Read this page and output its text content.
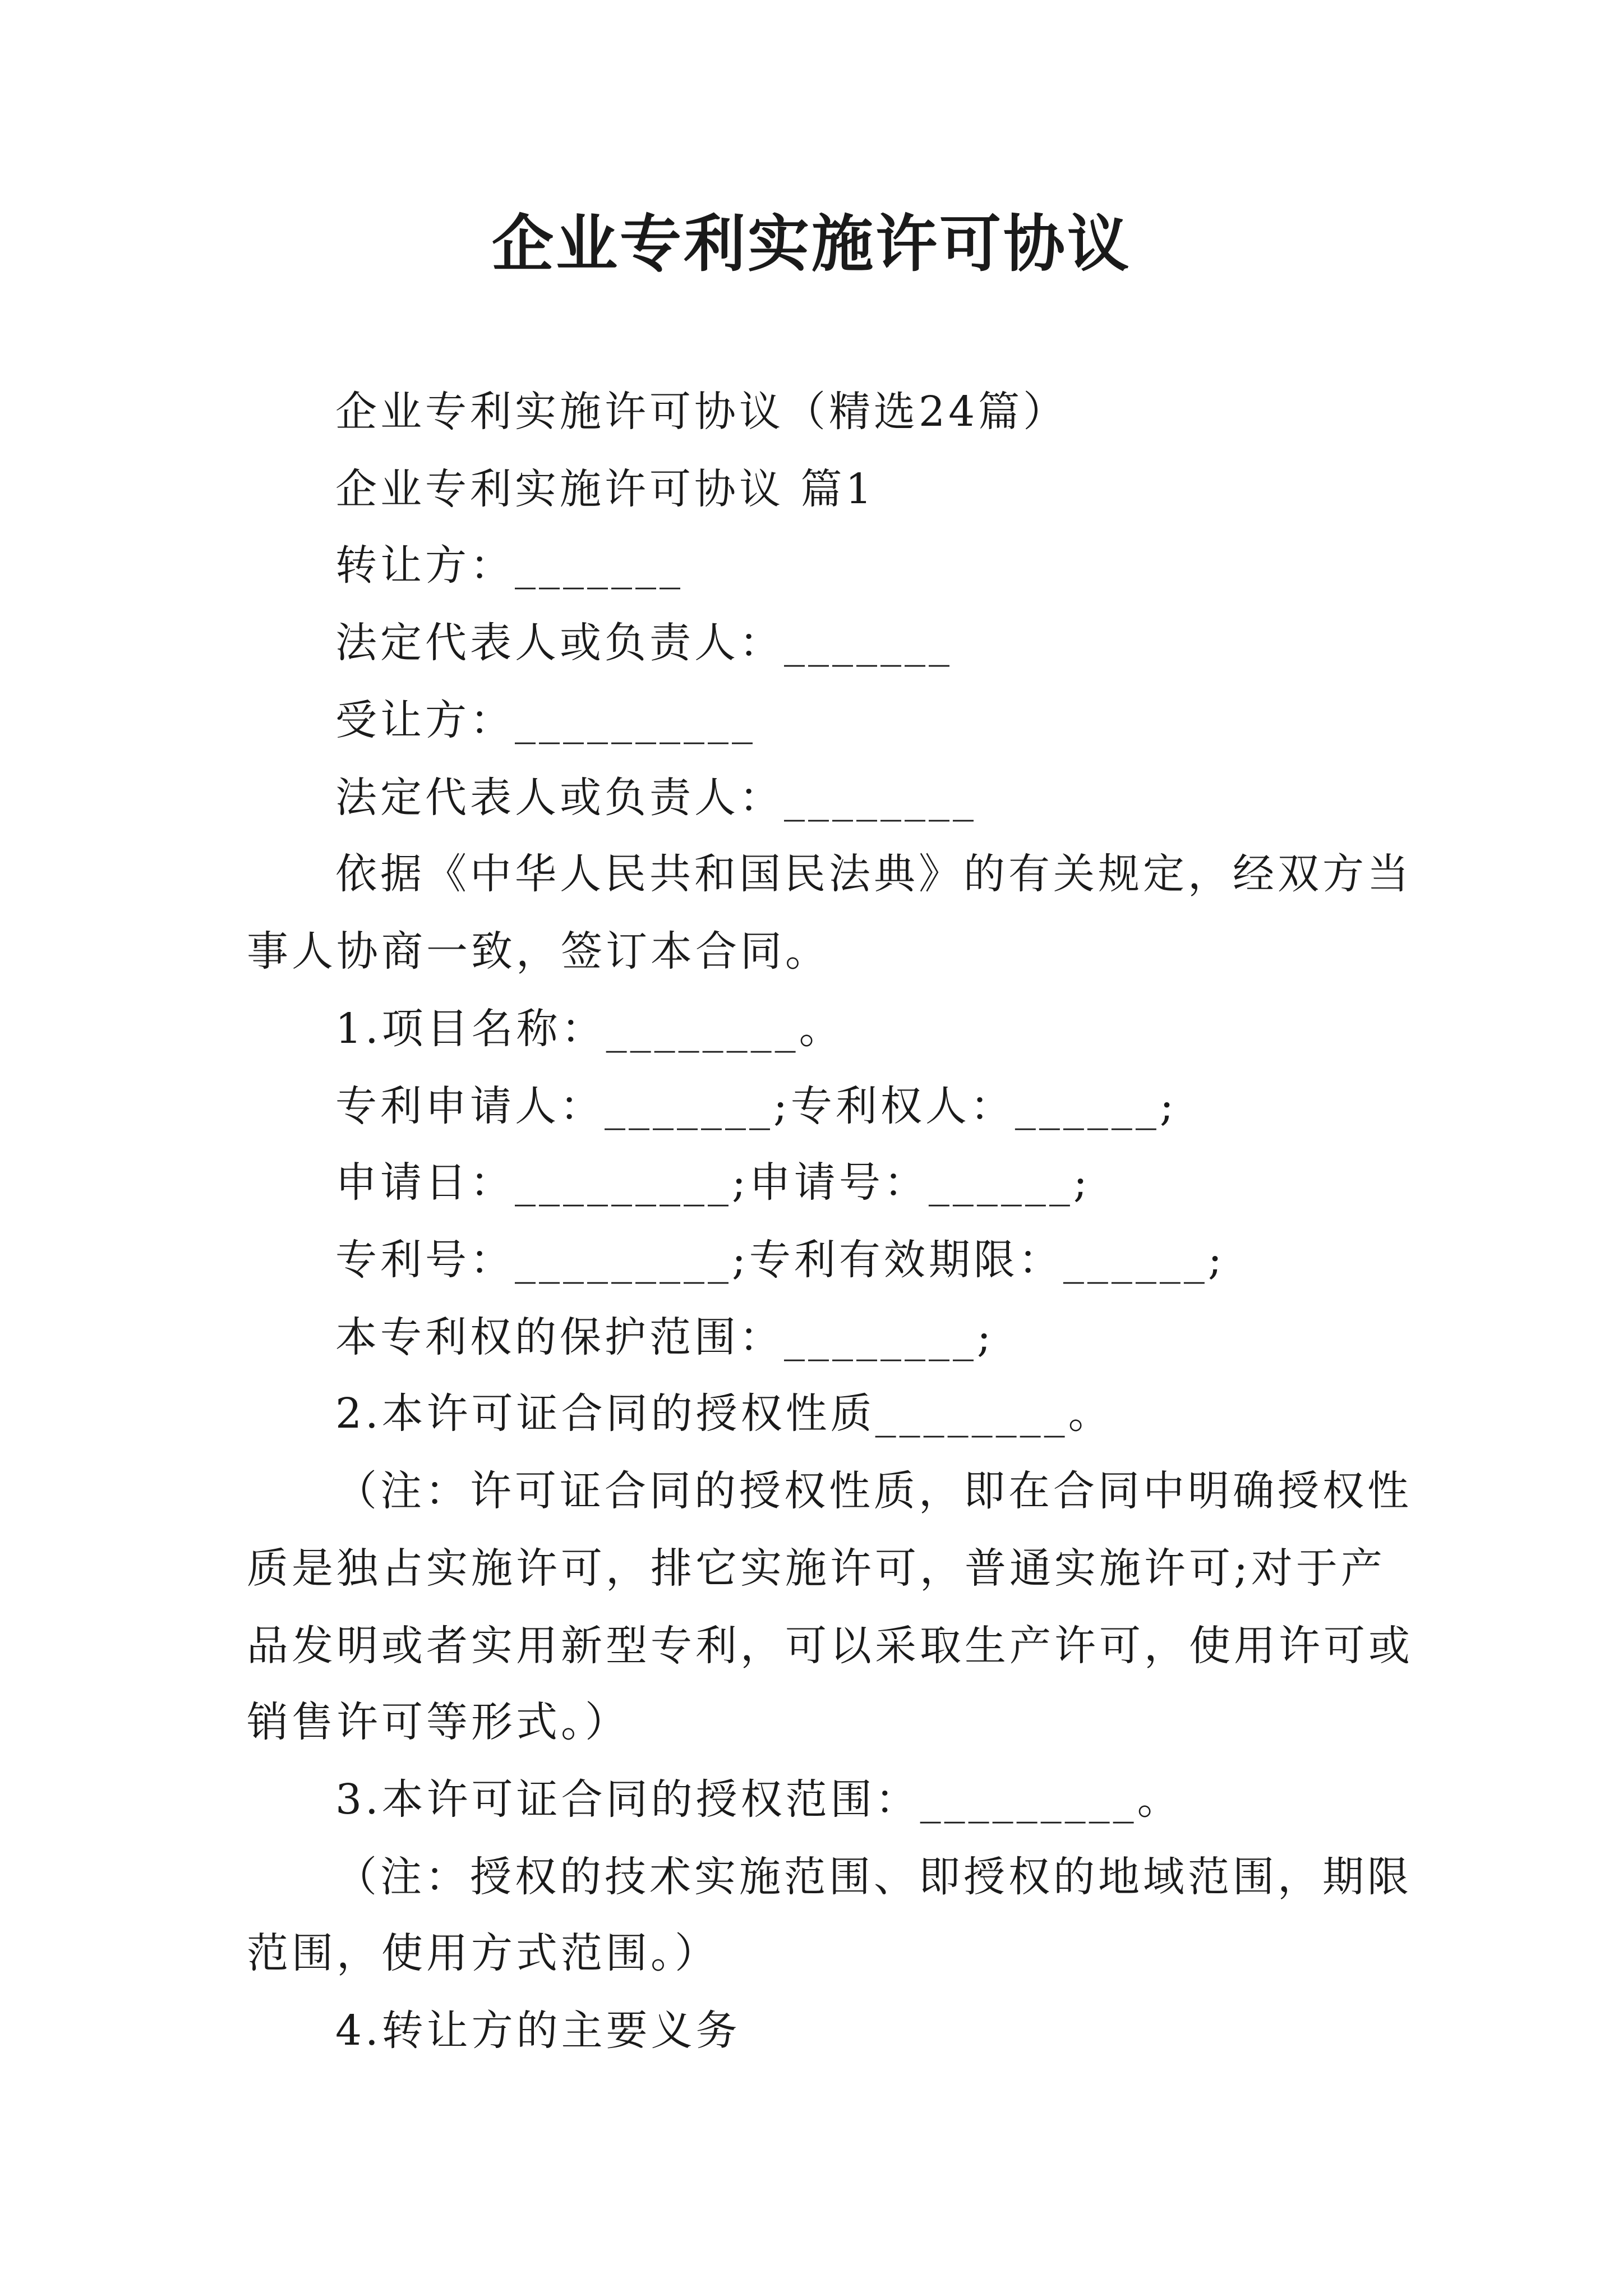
企业专利实施许可协议
企业专利实施许可协议（精选24篇）
企业专利实施许可协议 篇1
转让方：_______
法定代表人或负责人：_______
受让方：__________
法定代表人或负责人：________
依据《中华人民共和国民法典》的有关规定，经双方当
事人协商一致，签订本合同。
1.项目名称：________。
专利申请人：_______;专利权人：______;
申请日：_________;申请号：______;
专利号：_________;专利有效期限：______;
本专利权的保护范围：________;
2.本许可证合同的授权性质________。
（注：许可证合同的授权性质，即在合同中明确授权性
质是独占实施许可，排它实施许可，普通实施许可;对于产
品发明或者实用新型专利，可以采取生产许可，使用许可或
销售许可等形式。）
3.本许可证合同的授权范围：_________。
（注：授权的技术实施范围、即授权的地域范围，期限
范围，使用方式范围。）
4.转让方的主要义务
